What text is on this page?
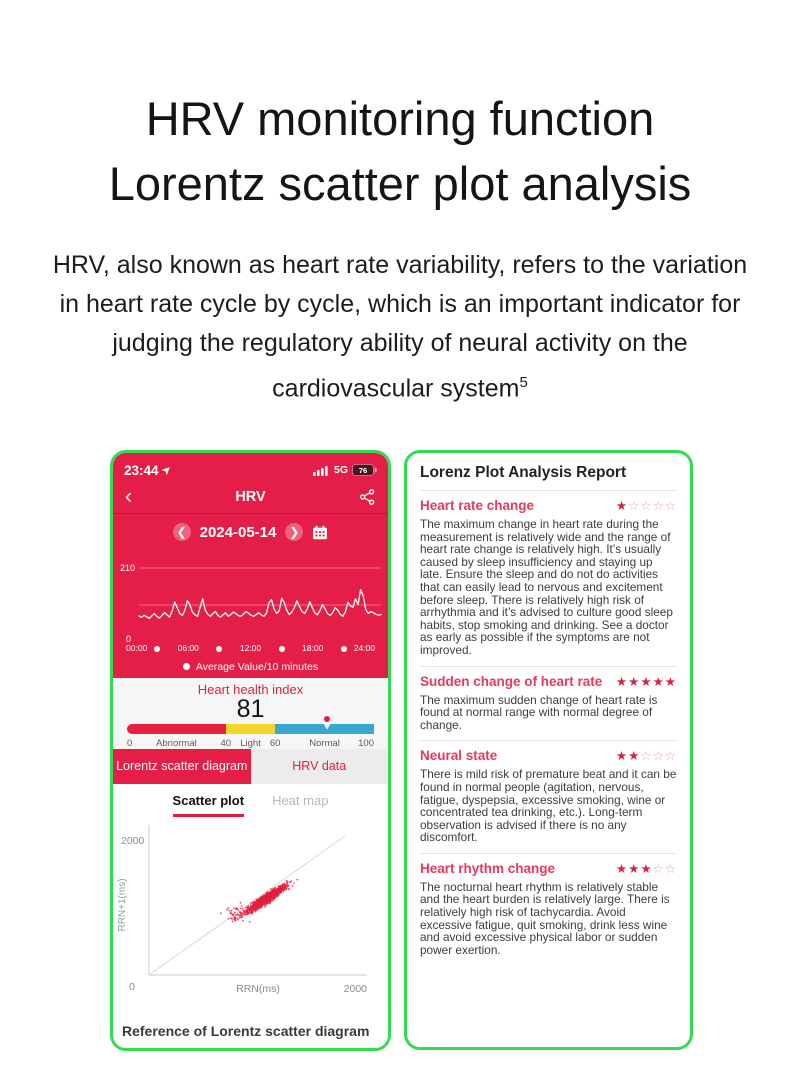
HRV monitoring function
Lorentz scatter plot analysis
HRV, also known as heart rate variability, refers to the variation in heart rate cycle by cycle, which is an important indicator for judging the regulatory ability of neural activity on the cardiovascular system$^5$
23:44 ➤	5G 76
‹	HRV
❮ 2024-05-14	❯
210
0
00:00	06:00	12:00	18:00	24:00
Average Value/10 minutes
Heart health index
81
0	40	60	100
Abnormal	Light	Normal
Lorentz scatter diagram	HRV data
Scatter plot Heat map
2000
0	RRN(ms)	2000
RRN+1(ms)
Reference of Lorentz scatter diagram
Lorenz Plot Analysis Report
Heart rate change	★☆☆☆☆

The maximum change in heart rate during the measurement is relatively wide and the range of heart rate change is relatively high. It’s usually caused by sleep insufficiency and staying up late. Ensure the sleep and do not do activities that can easily lead to nervous and excitement before sleep. There is relatively high risk of arrhythmia and it’s advised to culture good sleep habits, stop smoking and drinking. See a doctor as early as possible if the symptoms are not improved.

Sudden change of heart rate ★★★★★

The maximum sudden change of heart rate is found at normal range with normal degree of change.

Neural state	★★☆☆☆

There is mild risk of premature beat and it can be found in normal people (agitation, nervous, fatigue, dyspepsia, excessive smoking, wine or concentrated tea drinking, etc.). Long-term observation is advised if there is no any discomfort.

Heart rhythm change	★★★☆☆

The nocturnal heart rhythm is relatively stable and the heart burden is relatively large. There is relatively high risk of tachycardia. Avoid excessive fatigue, quit smoking, drink less wine and avoid excessive physical labor or sudden power exertion.
